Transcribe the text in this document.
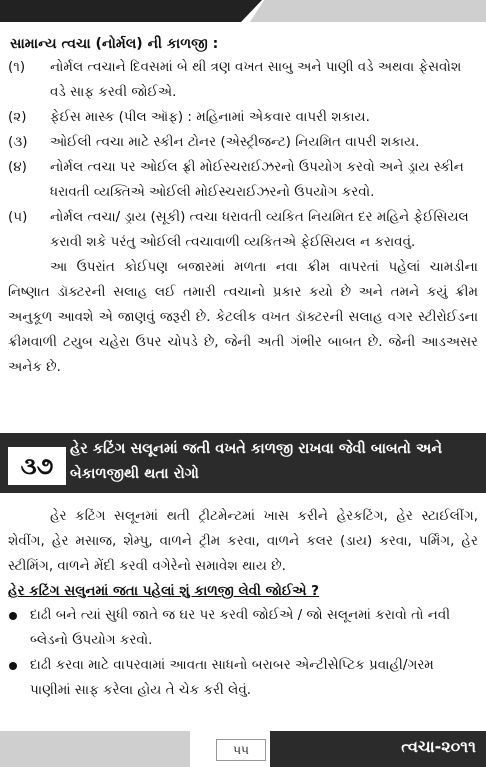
સામાન્ય ત્વચા (નોર્મલ) ની કાળજી :
(૧) નોર્મલ ત્વચાને દિવસમાં બે થી ત્રણ વખત સાબુ અને પાણી વડે અથવા ફેસવોશ વડે સાફ કરવી જોઈએ.
(૨) ફેઈસ માસ્ક (પીલ ઑફ) : મહિનામાં એકવાર વાપરી શકાય.
(૩) ઓઈલી ત્વચા માટે સ્કીન ટોનર (એસ્ટ્રીજન્ટ) નિયમિત વાપરી શકાય.
(૪) નોર્મલ ત્વચા પર ઓઈલ ફ્રી મોઈસ્ચરાઈઝરનો ઉપયોગ કરવો અને ડ્રાય સ્કીન ધરાવતી વ્યક્તિએ ઓઈલી મોઈસ્ચરાઈઝરનો ઉપયોગ કરવો.
(૫) નોર્મલ ત્વચા/ ડ્રાય (સૂકી) ત્વચા ધરાવતી વ્યકિત નિયમિત દર મહિને ફેઈસિયલ કરાવી શકે પરંતુ ઓઈલી ત્વચાવાળી વ્યકિતએ ફેઈસિયલ ન કરાવવું.
આ ઉપરાંત કોઈપણ બજારમાં મળતા નવા ક્રીમ વાપરતાં પહેલાં ચામડીના નિષ્ણાત ડૉક્ટરની સલાહ લઈ તમારી ત્વચાનો પ્રકાર કયો છે અને તમને કયું ક્રીમ અનુકૂળ આવશે એ જાણવું જરૂરી છે. કેટલીક વખત ડૉક્ટરની સલાહ વગર સ્ટીરોઈડના ક્રીમવાળી ટયુબ ચહેરા ઉપર ચોપડે છે, જેની અતી ગંભીર બાબત છે. જેની આડઅસર અનેક છે.
૩૭
હેર કટિંગ સલૂનમાં જતી વખતે કાળજી રાખવા જેવી બાબતો અને બેકાળજીથી થતા રોગો
હેર કટિંગ સલૂનમાં થતી ટ્રીટમેન્ટમાં ખાસ કરીને હેરકટિંગ, હેર સ્ટાઈલીંગ, શેવીંગ, હેર મસાજ, શેમ્પુ, વાળને ટ્રીમ કરવા, વાળને કલર (ડાય) કરવા, પર્મિંગ, હેર સ્ટીમિંગ, વાળને મેંદી કરવી વગેરેનો સમાવેશ થાય છે.
હેર કટિંગ સલુનમાં જતા પહેલાં શું કાળજી લેવી જોઈએ ?
દાઢી બને ત્યાં સુધી જાતે જ ઘર પર કરવી જોઈએ / જો સલૂનમાં કરાવો તો નવી બ્લેડનો ઉપયોગ કરવો.
દાઢી કરવા માટે વાપરવામાં આવતા સાધનો બરાબર એન્ટીસેપ્ટિક પ્રવાહી/ગરમ પાણીમાં સાફ કરેલા હોય તે ચેક કરી લેવું.
૫૫	ત્વચા-૨૦૧૧
